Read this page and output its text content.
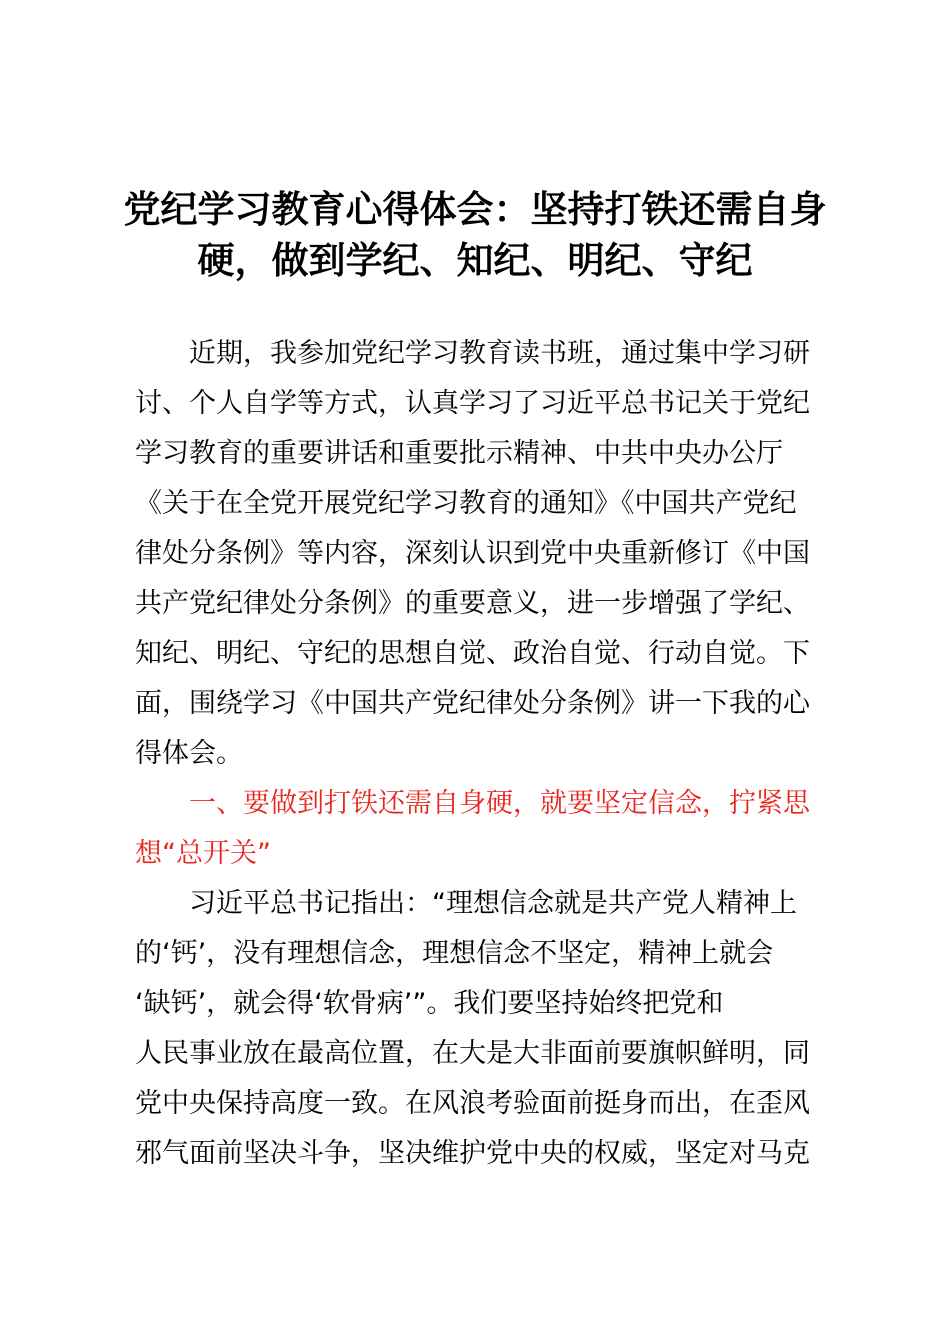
党纪学习教育心得体会：坚持打铁还需自身
硬，做到学纪、知纪、明纪、守纪

近期，我参加党纪学习教育读书班，通过集中学习研

讨、个人自学等方式，认真学习了习近平总书记关于党纪

学习教育的重要讲话和重要批示精神、中共中央办公厅

《关于在全党开展党纪学习教育的通知》《中国共产党纪

律处分条例》等内容，深刻认识到党中央重新修订《中国

共产党纪律处分条例》的重要意义，进一步增强了学纪、

知纪、明纪、守纪的思想自觉、政治自觉、行动自觉。下

面，围绕学习《中国共产党纪律处分条例》讲一下我的心

得体会。

一、要做到打铁还需自身硬，就要坚定信念，拧紧思

想“总开关”

习近平总书记指出：“理想信念就是共产党人精神上

的‘钙’，没有理想信念，理想信念不坚定，精神上就会

‘缺钙’，就会得‘软骨病’”。我们要坚持始终把党和

人民事业放在最高位置，在大是大非面前要旗帜鲜明，同

党中央保持高度一致。在风浪考验面前挺身而出，在歪风

邪气面前坚决斗争，坚决维护党中央的权威，坚定对马克
